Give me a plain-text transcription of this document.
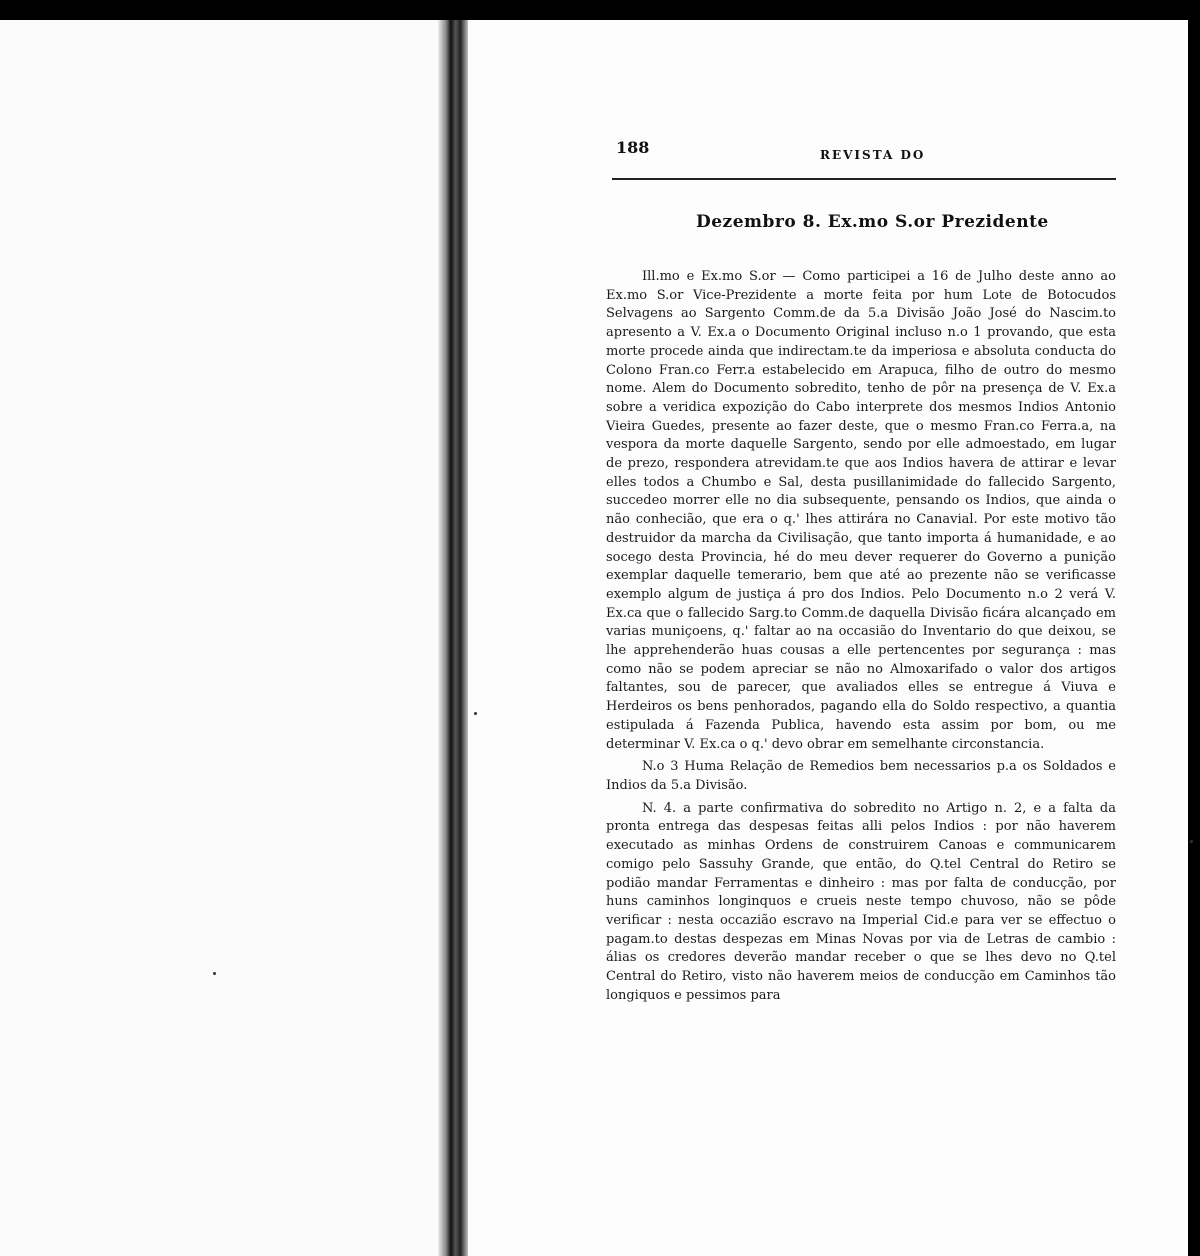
188	REVISTA DO
Dezembro 8. Ex.mo S.or Prezidente

Ill.mo e Ex.mo S.or — Como participei a 16 de Julho deste anno ao Ex.mo S.or Vice-Prezidente a morte feita por hum Lote de Botocudos Selvagens ao Sargento Comm.de da 5.a Divisão João José do Nascim.to apresento a V. Ex.a o Documento Original incluso n.o 1 provando, que esta morte procede ainda que indirectam.te da imperiosa e absoluta conducta do Colono Fran.co Ferr.a estabelecido em Arapuca, filho de outro do mesmo nome. Alem do Documento sobredito, tenho de pôr na presença de V. Ex.a sobre a veridica expozição do Cabo interprete dos mesmos Indios Antonio Vieira Guedes, presente ao fazer deste, que o mesmo Fran.co Ferra.a, na vespora da morte daquelle Sargento, sendo por elle admoestado, em lugar de prezo, respondera atrevidam.te que aos Indios havera de attirar e levar elles todos a Chumbo e Sal, desta pusillanimidade do fallecido Sargento, succedeo morrer elle no dia subsequente, pensando os Indios, que ainda o não conhecião, que era o q.' lhes attirára no Canavial. Por este motivo tão destruidor da marcha da Civilisação, que tanto importa á humanidade, e ao socego desta Provincia, hé do meu dever requerer do Governo a punição exemplar daquelle temerario, bem que até ao prezente não se verificasse exemplo algum de justiça á pro dos Indios. Pelo Documento n.o 2 verá V. Ex.ca que o fallecido Sarg.to Comm.de daquella Divisão ficára alcançado em varias muniçoens, q.' faltar ao na occasião do Inventario do que deixou, se lhe apprehenderão huas cousas a elle pertencentes por segurança : mas como não se podem apreciar se não no Almoxarifado o valor dos artigos faltantes, sou de parecer, que avaliados elles se entregue á Viuva e Herdeiros os bens penhorados, pagando ella do Soldo respectivo, a quantia estipulada á Fazenda Publica, havendo esta assim por bom, ou me determinar V. Ex.ca o q.' devo obrar em semelhante circonstancia.

N.o 3 Huma Relação de Remedios bem necessarios p.a os Soldados e Indios da 5.a Divisão.

N. 4. a parte confirmativa do sobredito no Artigo n. 2, e a falta da pronta entrega das despesas feitas alli pelos Indios : por não haverem executado as minhas Ordens de construirem Canoas e communicarem comigo pelo Sassuhy Grande, que então, do Q.tel Central do Retiro se podião mandar Ferramentas e dinheiro : mas por falta de conducção, por huns caminhos longinquos e crueis neste tempo chuvoso, não se pôde verificar : nesta occazião escravo na Imperial Cid.e para ver se effectuo o pagam.to destas despezas em Minas Novas por via de Letras de cambio : álias os credores deverão mandar receber o que se lhes devo no Q.tel Central do Retiro, visto não haverem meios de conducção em Caminhos tão longiquos e pessimos para
